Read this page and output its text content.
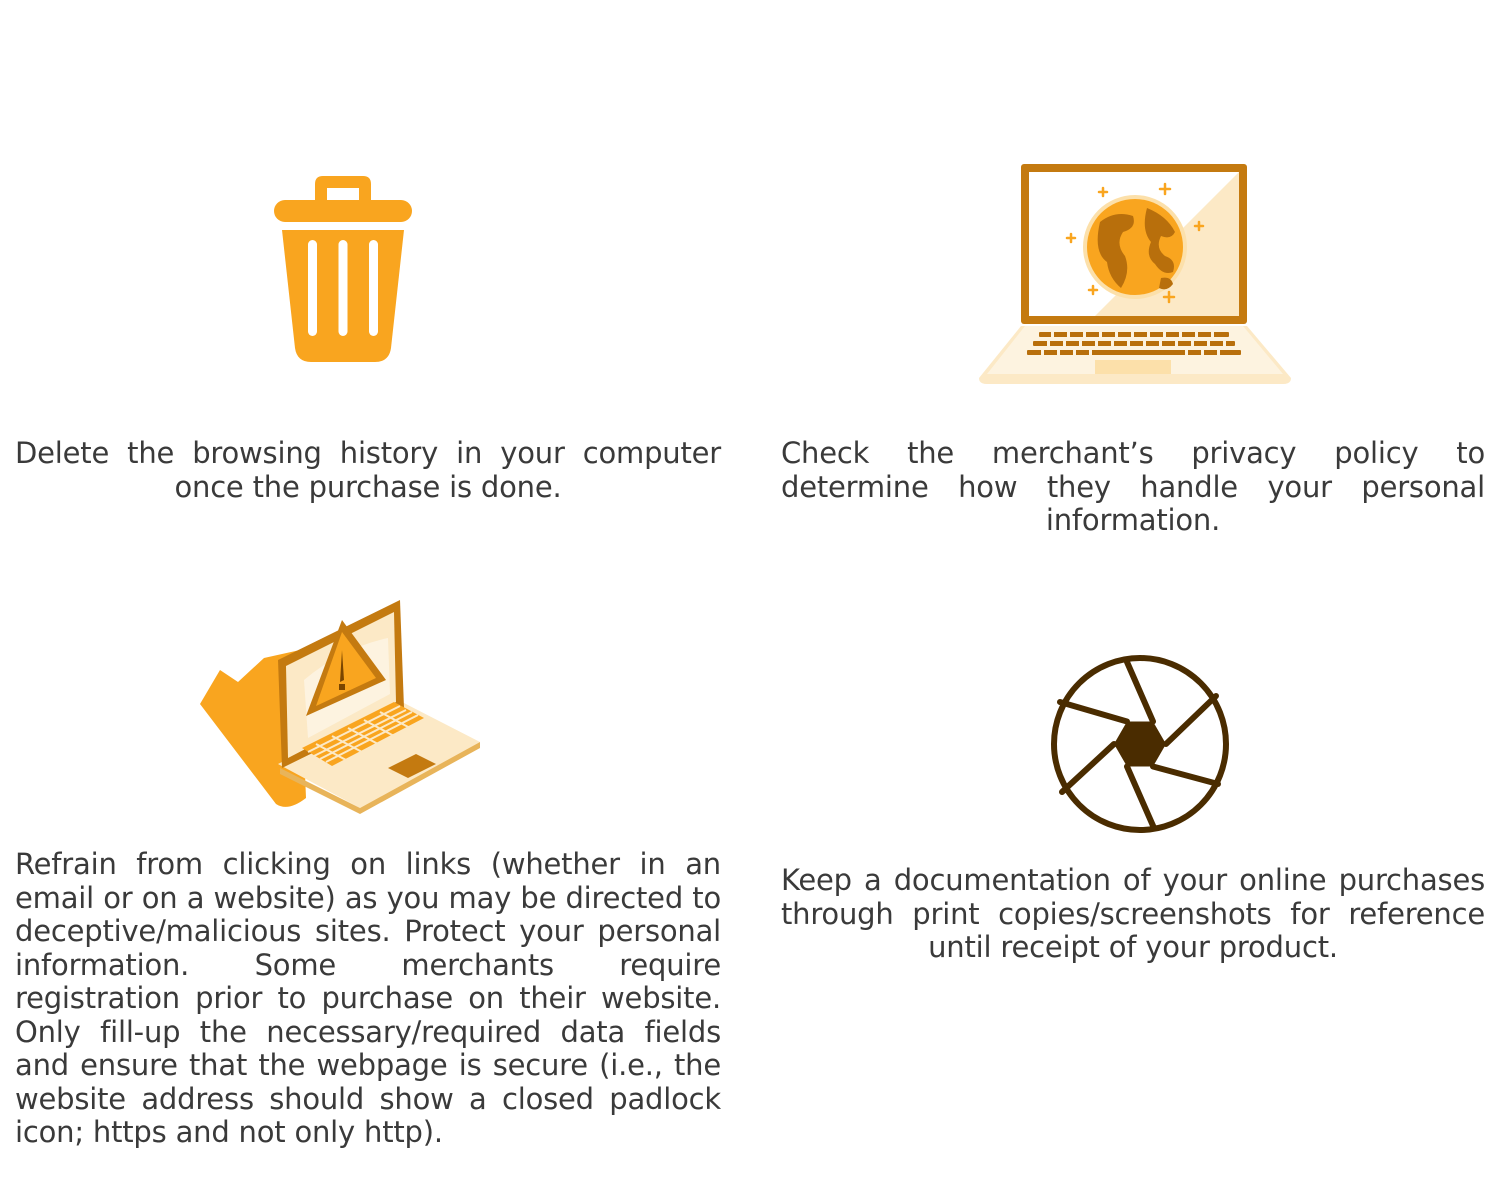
Delete the browsing history in your computer once the purchase is done.

Check the merchant’s privacy policy to determine how they handle your personal information.

Refrain from clicking on links (whether in an email or on a website) as you may be directed to deceptive/malicious sites. Protect your personal information. Some merchants require registration prior to purchase on their website. Only fill-up the necessary/required data fields and ensure that the webpage is secure (i.e., the website address should show a closed padlock icon; https and not only http).

Keep a documentation of your online purchases through print copies/screenshots for reference until receipt of your product.
